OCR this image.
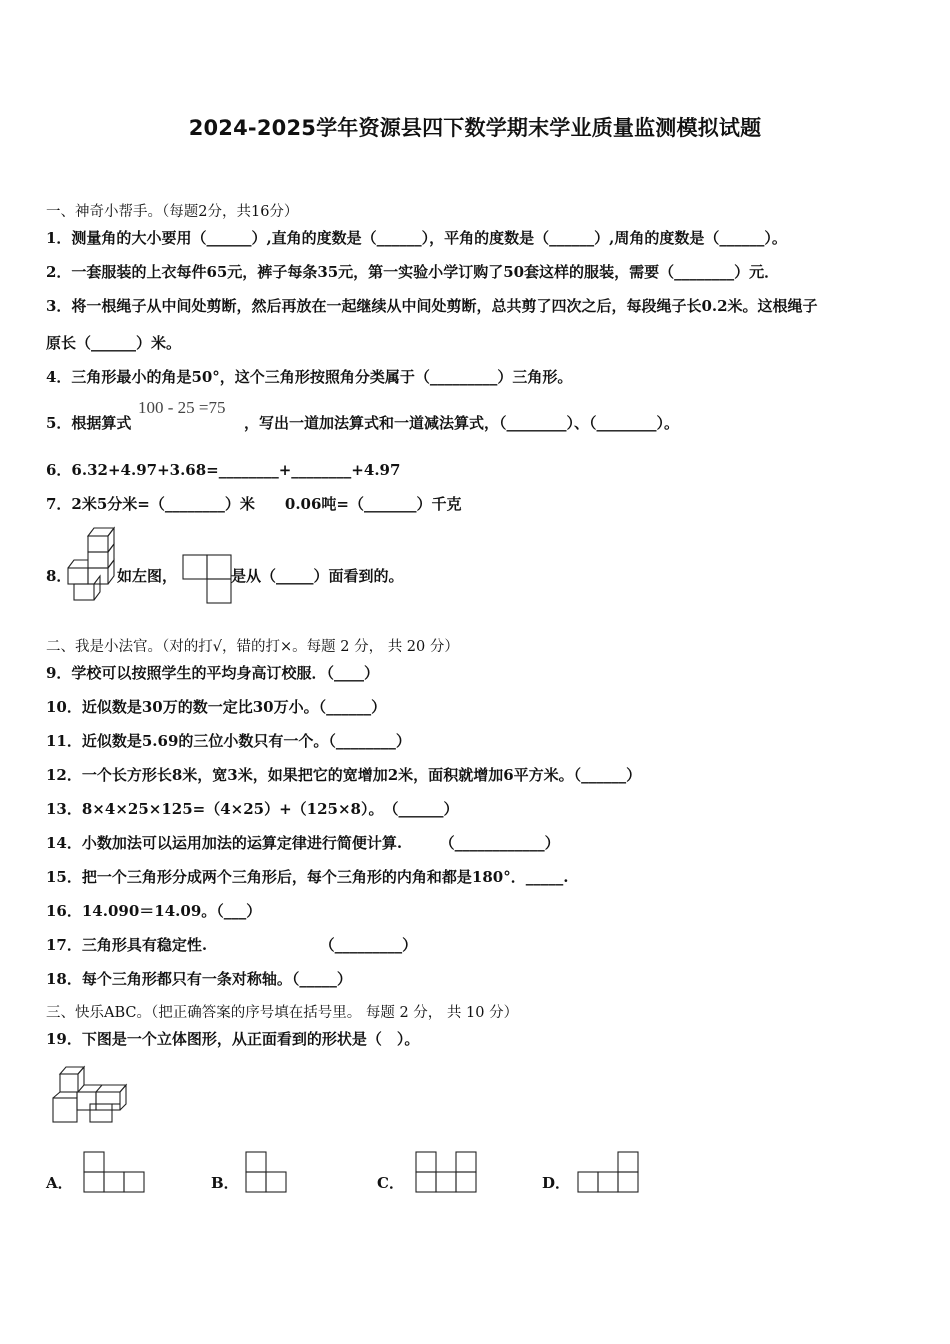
2024-2025学年资源县四下数学期末学业质量监测模拟试题
一、神奇小帮手。（每题2分，共16分）
1．测量角的大小要用（______）,直角的度数是（______），平角的度数是（______）,周角的度数是（______）。
2．一套服装的上衣每件65元，裤子每条35元，第一实验小学订购了50套这样的服装，需要（________）元．
3．将一根绳子从中间处剪断，然后再放在一起继续从中间处剪断，总共剪了四次之后，每段绳子长0.2米。这根绳子
原长（______）米。
4．三角形最小的角是50°，这个三角形按照角分类属于（_________）三角形。
5．根据算式
100 - 25 =75
，写出一道加法算式和一道减法算式，（________）、（________）。
6．6.32+4.97+3.68=________+________+4.97
7．2米5分米=（________）米　　0.06吨=（_______）千克
8．	如左图，	是从（_____）面看到的。
二、我是小法官。（对的打√，错的打×。每题 2 分， 共 20 分）
9．学校可以按照学生的平均身高订校服．（____）
10．近似数是30万的数一定比30万小。（______）
11．近似数是5.69的三位小数只有一个。（________）
12．一个长方形长8米，宽3米，如果把它的宽增加2米，面积就增加6平方米。（______）
13．8×4×25×125=（4×25）+（125×8）。　（______）
14．小数加法可以运用加法的运算定律进行简便计算.　　　（____________）
15．把一个三角形分成两个三角形后，每个三角形的内角和都是180°．_____.
16．14.090＝14.09。（___）
17．三角形具有稳定性.　　　　　　　　（_________）
18．每个三角形都只有一条对称轴。（_____）
三、快乐ABC。（把正确答案的序号填在括号里。 每题 2 分， 共 10 分）
19．下图是一个立体图形，从正面看到的形状是（　）。
A．	B．	C．	D．
